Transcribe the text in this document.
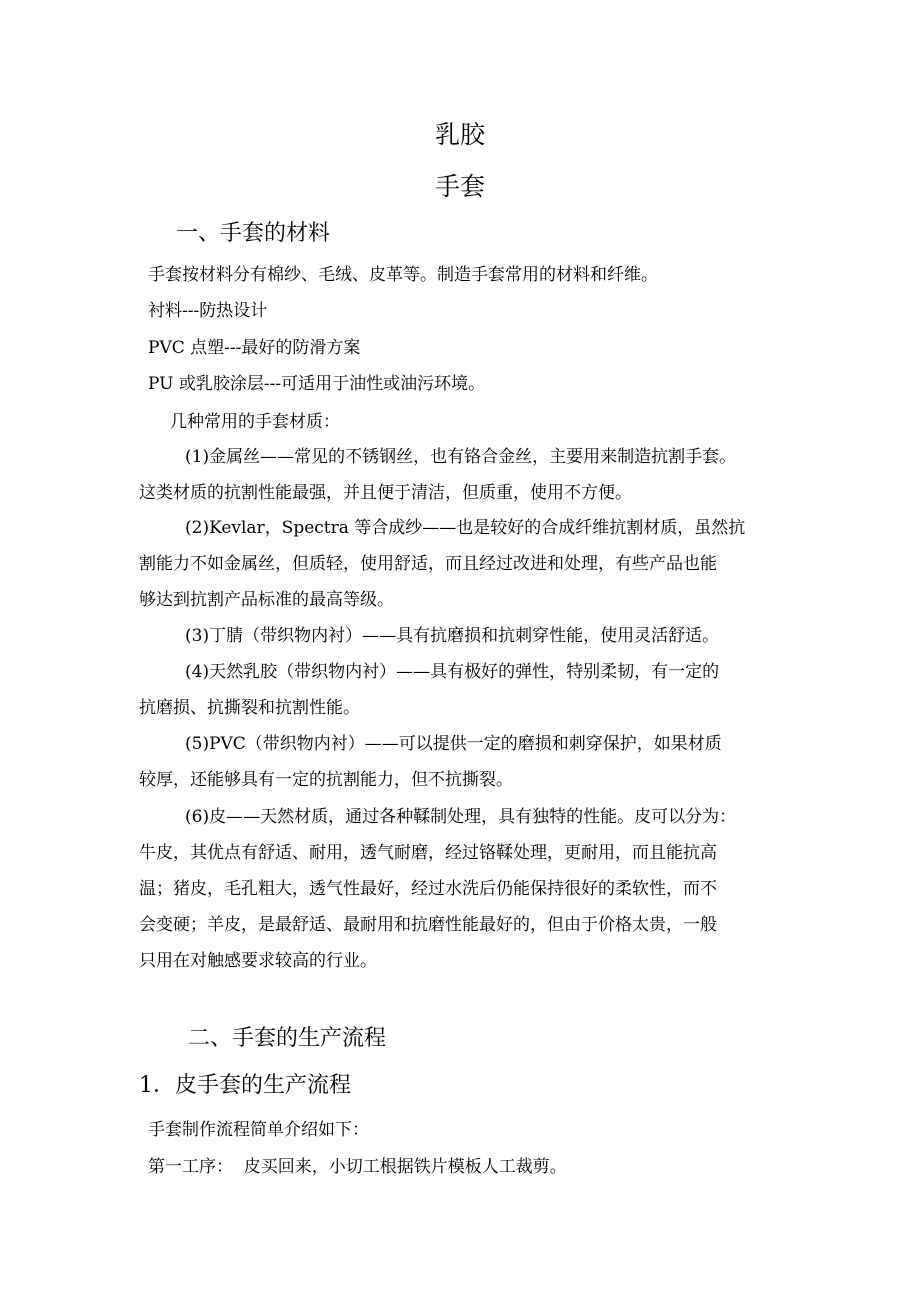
乳胶
手套
一、手套的材料
手套按材料分有棉纱、毛绒、皮革等。制造手套常用的材料和纤维。
衬料---防热设计
PVC 点塑---最好的防滑方案
PU 或乳胶涂层---可适用于油性或油污环境。
几种常用的手套材质：
(1)金属丝——常见的不锈钢丝，也有铬合金丝，主要用来制造抗割手套。
这类材质的抗割性能最强，并且便于清洁，但质重，使用不方便。
(2)Kevlar，Spectra 等合成纱——也是较好的合成纤维抗割材质，虽然抗
割能力不如金属丝，但质轻，使用舒适，而且经过改进和处理，有些产品也能
够达到抗割产品标准的最高等级。
(3)丁腈（带织物内衬）——具有抗磨损和抗刺穿性能，使用灵活舒适。
(4)天然乳胶（带织物内衬）——具有极好的弹性，特别柔韧，有一定的
抗磨损、抗撕裂和抗割性能。
(5)PVC（带织物内衬）——可以提供一定的磨损和刺穿保护，如果材质
较厚，还能够具有一定的抗割能力，但不抗撕裂。
(6)皮——天然材质，通过各种鞣制处理，具有独特的性能。皮可以分为：
牛皮，其优点有舒适、耐用，透气耐磨，经过铬鞣处理，更耐用，而且能抗高
温；猪皮，毛孔粗大，透气性最好，经过水洗后仍能保持很好的柔软性，而不
会变硬；羊皮，是最舒适、最耐用和抗磨性能最好的，但由于价格太贵，一般
只用在对触感要求较高的行业。
二、手套的生产流程
1．皮手套的生产流程
手套制作流程简单介绍如下：
第一工序：  皮买回来，小切工根据铁片模板人工裁剪。
